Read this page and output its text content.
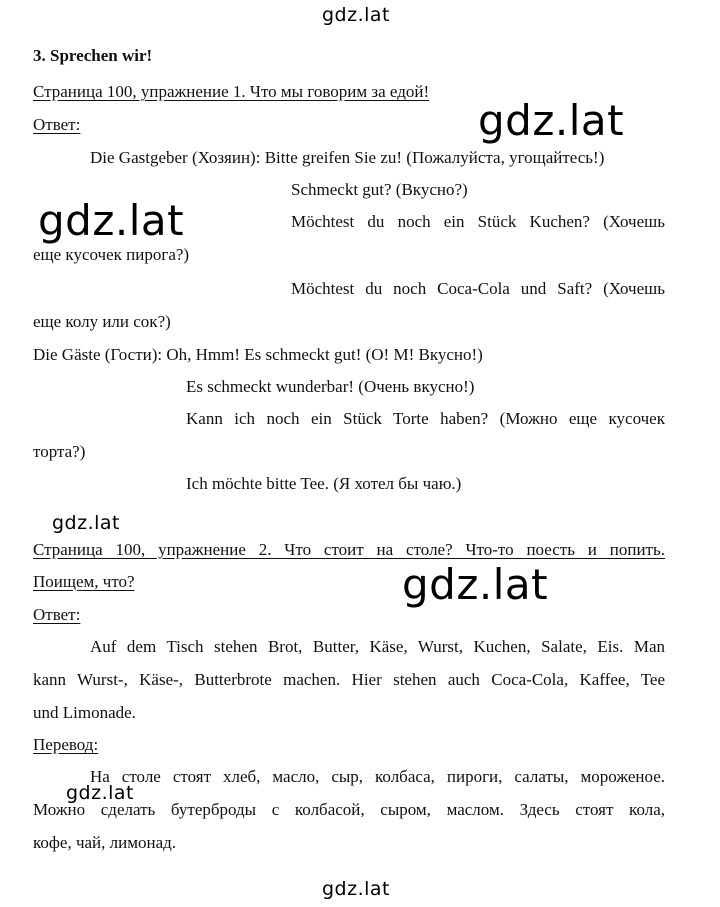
gdz.lat
gdz.lat
gdz.lat
gdz.lat
gdz.lat
gdz.lat
gdz.lat
3. Sprechen wir!
Страница 100, упражнение 1. Что мы говорим за едой!
Ответ:
Die Gastgeber (Хозяин): Bitte greifen Sie zu! (Пожалуйста, угощайтесь!)
Schmeckt gut? (Вкусно?)
Möchtest du noch ein Stück Kuchen? (Хочешь
еще кусочек пирога?)
Möchtest du noch Coca-Cola und Saft? (Хочешь
еще колу или сок?)
Die Gäste (Гости): Oh, Hmm! Es schmeckt gut! (О! М! Вкусно!)
Es schmeckt wunderbar! (Очень вкусно!)
Kann ich noch ein Stück Torte haben? (Можно еще кусочек
торта?)
Ich möchte bitte Tee. (Я хотел бы чаю.)
Страница 100, упражнение 2. Что стоит на столе? Что-то поесть и попить.
Поищем, что?
Ответ:
Auf dem Tisch stehen Brot, Butter, Käse, Wurst, Kuchen, Salate, Eis. Man
kann Wurst-, Käse-, Butterbrote machen. Hier stehen auch Coca-Cola, Kaffee, Tee
und Limonade.
Перевод:
На столе стоят хлеб, масло, сыр, колбаса, пироги, салаты, мороженое.
Можно сделать бутерброды с колбасой, сыром, маслом. Здесь стоят кола,
кофе, чай, лимонад.
